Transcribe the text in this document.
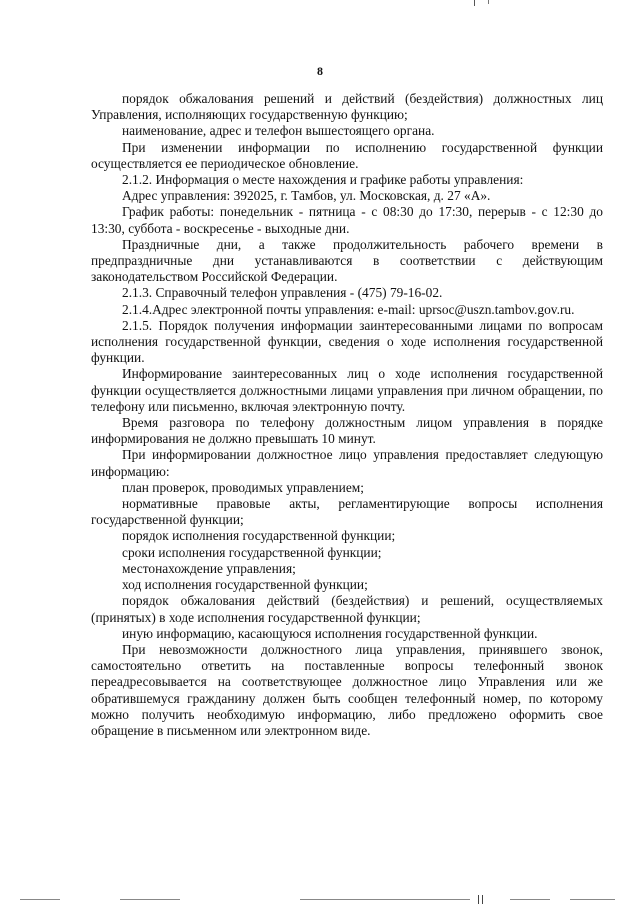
8

порядок обжалования решений и действий (бездействия) должностных лиц Управления, исполняющих государственную функцию;

наименование, адрес и телефон вышестоящего органа.

При изменении информации по исполнению государственной функции осуществляется ее периодическое обновление.

2.1.2. Информация о месте нахождения и графике работы управления:

Адрес управления: 392025, г. Тамбов, ул. Московская, д. 27 «А».

График работы: понедельник - пятница - с 08:30 до 17:30, перерыв - с 12:30 до 13:30, суббота - воскресенье - выходные дни.

Праздничные дни, а также продолжительность рабочего времени в предпраздничные дни устанавливаются в соответствии с действующим законодательством Российской Федерации.

2.1.3. Справочный телефон управления - (475) 79-16-02.

2.1.4.Адрес электронной почты управления: e-mail: uprsoc@uszn.tambov.gov.ru.

2.1.5. Порядок получения информации заинтересованными лицами по вопросам исполнения государственной функции, сведения о ходе исполнения государственной функции.

Информирование заинтересованных лиц о ходе исполнения государственной функции осуществляется должностными лицами управления при личном обращении, по телефону или письменно, включая электронную почту.

Время разговора по телефону должностным лицом управления в порядке информирования не должно превышать 10 минут.

При информировании должностное лицо управления предоставляет следующую информацию:

план проверок, проводимых управлением;

нормативные правовые акты, регламентирующие вопросы исполнения государственной функции;

порядок исполнения государственной функции;

сроки исполнения государственной функции;

местонахождение управления;

ход исполнения государственной функции;

порядок обжалования действий (бездействия) и решений, осуществляемых (принятых) в ходе исполнения государственной функции;

иную информацию, касающуюся исполнения государственной функции.

При невозможности должностного лица управления, принявшего звонок, самостоятельно ответить на поставленные вопросы телефонный звонок переадресовывается на соответствующее должностное лицо Управления или же обратившемуся гражданину должен быть сообщен телефонный номер, по которому можно получить необходимую информацию, либо предложено оформить свое обращение в письменном или электронном виде.
